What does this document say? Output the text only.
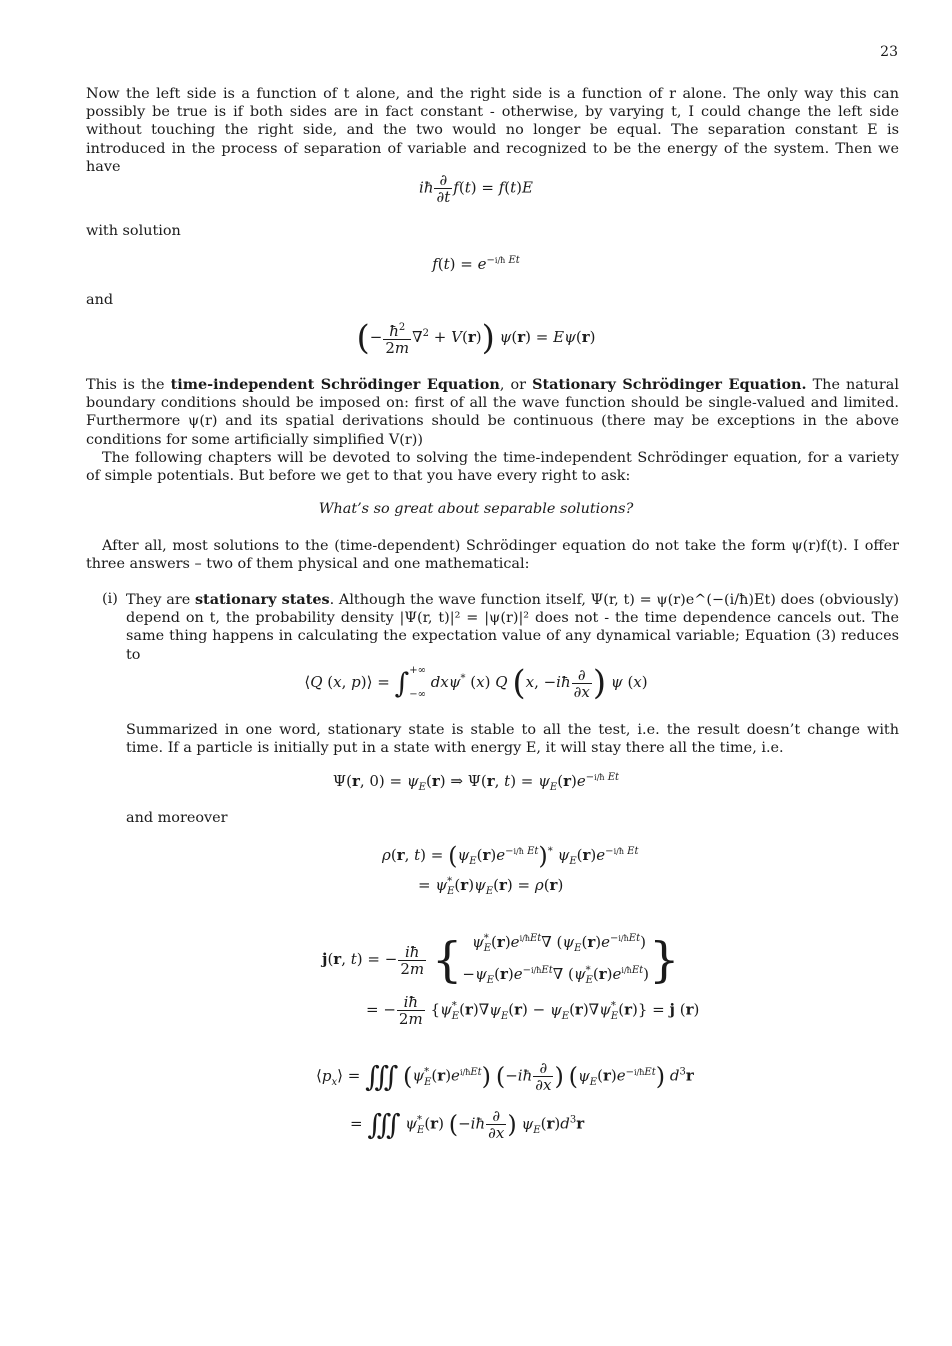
23
Now the left side is a function of t alone, and the right side is a function of r alone. The only way this can possibly be true is if both sides are in fact constant - otherwise, by varying t, I could change the left side without touching the right side, and the two would no longer be equal. The separation constant E is introduced in the process of separation of variable and recognized to be the energy of the system. Then we have
iħ $\frac{\partial}{\partial t} f(t) = f(t)E$
with solution
$f(t) = e^{-i/ħ Et}$
and
(− $\frac{ħ^2}{2m} \nabla^2 + V(r)$) ψ(r) = Eψ(r)
This is the time-independent Schrödinger Equation, or Stationary Schrödinger Equation. The natural boundary conditions should be imposed on: first of all the wave function should be single-valued and limited. Furthermore ψ(r) and its spatial derivations should be continuous (there may be exceptions in the above conditions for some artificially simplified V(r))
The following chapters will be devoted to solving the time-independent Schrödinger equation, for a variety of simple potentials. But before we get to that you have every right to ask:
What’s so great about separable solutions?
After all, most solutions to the (time-dependent) Schrödinger equation do not take the form ψ(r)f(t). I offer three answers – two of them physical and one mathematical:
(i) They are stationary states. Although the wave function itself, Ψ(r, t) = ψ(r)e^(−(i/ħ)Et) does (obviously) depend on t, the probability density |Ψ(r, t)|² = |ψ(r)|² does not - the time dependence cancels out. The same thing happens in calculating the expectation value of any dynamical variable; Equation (3) reduces to
⟨Q (x, p)⟩ = ∫ +∞
−∞
dxψ* (x) Q (x, −iħ $\frac{\partial}{\partial x}$ ) ψ (x)
Summarized in one word, stationary state is stable to all the test, i.e. the result doesn’t change with time. If a particle is initially put in a state with energy E, it will stay there all the time, i.e.
Ψ(r, $0) = \psi_E(r)$ ⇒ Ψ(r, $t) = \psi_E(r)e^{-i/ħ Et}$
and moreover
ρ(r, $t) = (\psi_E(r)e^{-i/ħ Et})^*$ $\psi_E(r)e^{-i/ħ Et}$
= $\psi^*_E(r)\psi_E(r) = \rho(r)$
j(r, t) = − $\frac{iħ}{2m}$ { $\psi^*_E(r)e^{i/ħEt}\nabla$ $(\psi_E(r)e^{-i/ħEt})$
$-\psi_E(r)e^{-i/ħEt}\nabla$ $(\psi^*_E(r)e^{i/ħEt})$ }
= − $\frac{iħ}{2m} \{\psi^*_E(r)\nabla\psi_E(r) - \psi_E(r)\nabla\psi^*_E(r)\} = j$ (r)
$⟨p_x⟩$ = ∭ $(\psi^*_E(r)e^{i/ħEt})$ (−iħ $\frac{\partial}{\partial x}$ ) $(\psi_E(r)e^{-i/ħEt})$ $d^3r$
= ∭ $\psi^*_E(r)$ (−iħ $\frac{\partial}{\partial x}$ ) $\psi_E(r)d^3r$
